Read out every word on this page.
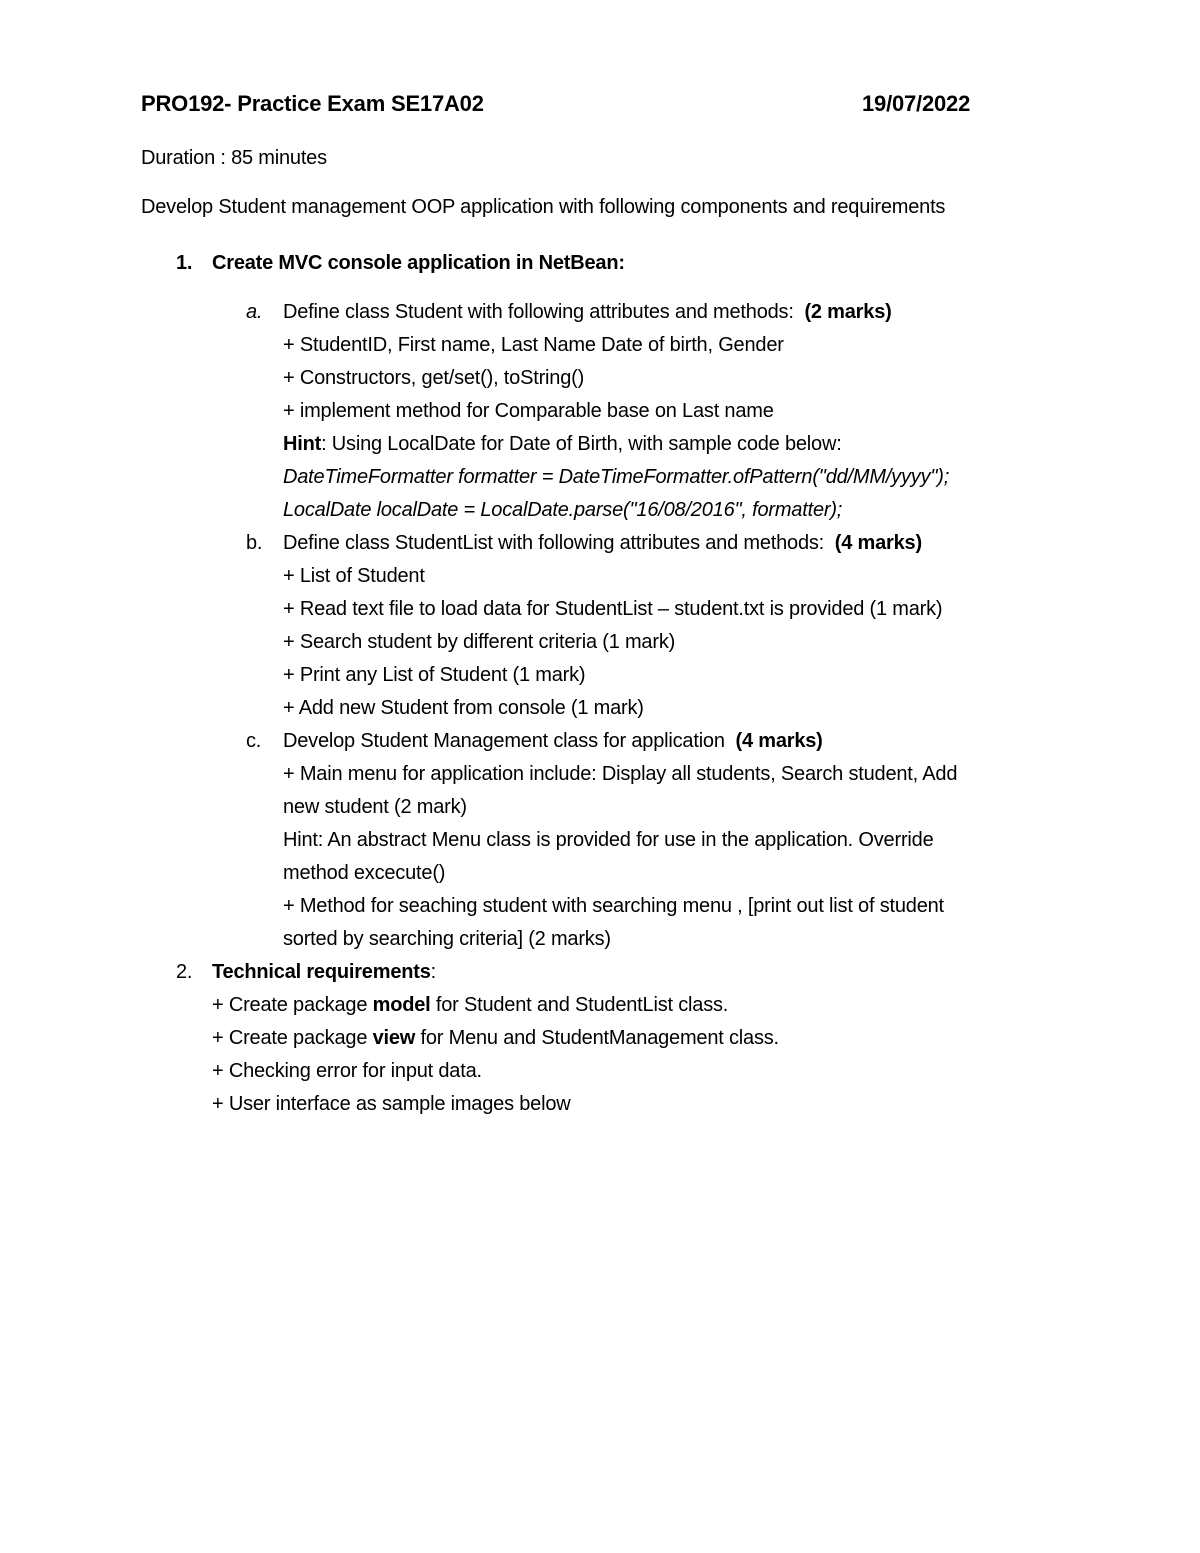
PRO192- Practice Exam SE17A02	19/07/2022
Duration : 85 minutes
Develop Student management OOP application with following components and requirements
1. Create MVC console application in NetBean:
a. Define class Student with following attributes and methods: (2 marks)
+ StudentID, First name, Last Name Date of birth, Gender
+ Constructors, get/set(), toString()
+ implement method for Comparable base on Last name
Hint: Using LocalDate for Date of Birth, with sample code below:
DateTimeFormatter formatter = DateTimeFormatter.ofPattern("dd/MM/yyyy");
LocalDate localDate = LocalDate.parse("16/08/2016", formatter);
b. Define class StudentList with following attributes and methods: (4 marks)
+ List of Student
+ Read text file to load data for StudentList – student.txt is provided (1 mark)
+ Search student by different criteria (1 mark)
+ Print any List of Student (1 mark)
+ Add new Student from console (1 mark)
c. Develop Student Management class for application (4 marks)
+ Main menu for application include: Display all students, Search student, Add
new student (2 mark)
Hint: An abstract Menu class is provided for use in the application. Override
method excecute()
+ Method for seaching student with searching menu , [print out list of student
sorted by searching criteria] (2 marks)
2. Technical requirements:
+ Create package model for Student and StudentList class.
+ Create package view for Menu and StudentManagement class.
+ Checking error for input data.
+ User interface as sample images below
